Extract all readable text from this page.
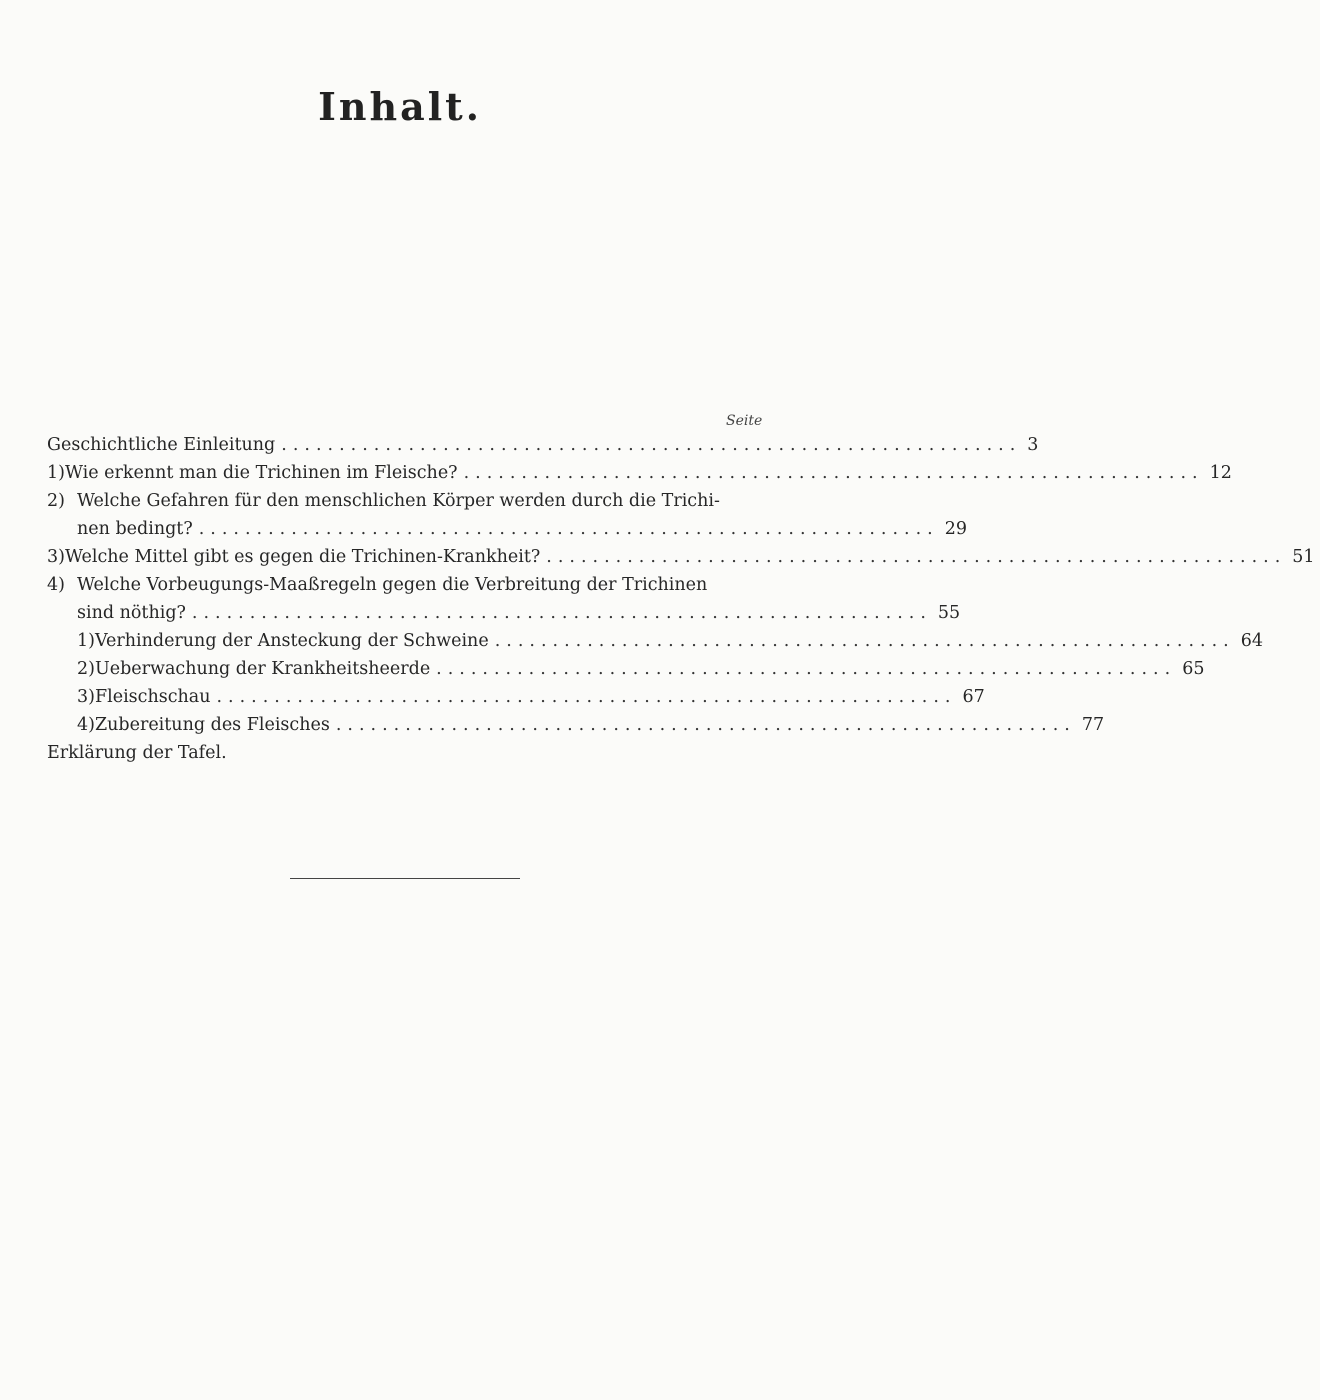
Inhalt.
Seite
Geschichtliche Einleitung ................................................................ 3
1) Wie erkennt man die Trichinen im Fleische? ................................................................ 12
2) Welche Gefahren für den menschlichen Körper werden durch die Trichi-
nen bedingt? ................................................................ 29
3) Welche Mittel gibt es gegen die Trichinen-Krankheit? ................................................................ 51
4) Welche Vorbeugungs-Maaßregeln gegen die Verbreitung der Trichinen
sind nöthig? ................................................................ 55
1) Verhinderung der Ansteckung der Schweine ................................................................ 64
2) Ueberwachung der Krankheitsheerde ................................................................ 65
3) Fleischschau ................................................................ 67
4) Zubereitung des Fleisches ................................................................ 77
Erklärung der Tafel.
